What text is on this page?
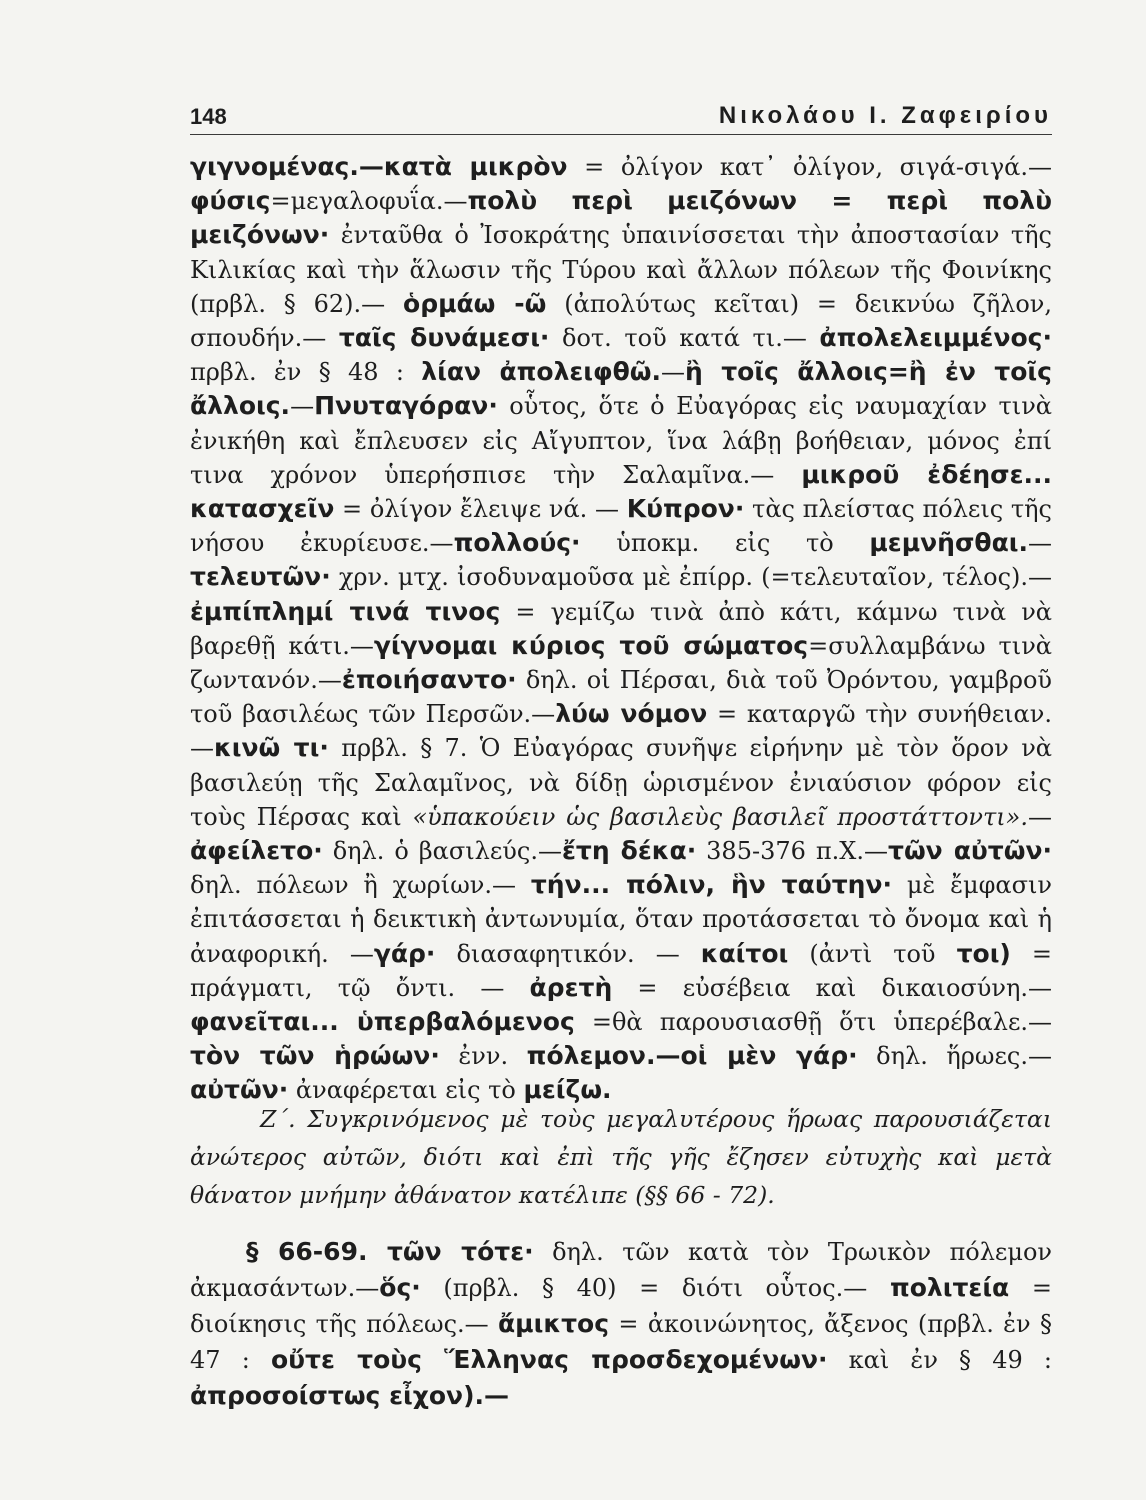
148	Νικολάου Ι. Ζαφειρίου

γιγνομένας.—κατὰ μικρὸν = ὀλίγον κατ᾿ ὀλίγον, σιγά-σιγά.—φύσις=μεγαλοφυΐα.—πολὺ περὶ μειζόνων = περὶ πολὺ μειζόνων· ἐνταῦθα ὁ Ἰσοκράτης ὑπαινίσσεται τὴν ἀποστασίαν τῆς Κιλικίας καὶ τὴν ἅλωσιν τῆς Τύρου καὶ ἄλλων πόλεων τῆς Φοινίκης (πρβλ. § 62).— ὁρμάω -ῶ (ἀπολύτως κεῖται) = δεικνύω ζῆλον, σπουδήν.— ταῖς δυνάμεσι· δοτ. τοῦ κατά τι.— ἀπολελειμμένος· πρβλ. ἐν § 48 : λίαν ἀπολειφθῶ.—ἢ τοῖς ἄλλοις=ἢ ἐν τοῖς ἄλλοις.—Πνυταγόραν· οὗτος, ὅτε ὁ Εὐαγόρας εἰς ναυμαχίαν τινὰ ἐνικήθη καὶ ἔπλευσεν εἰς Αἴγυπτον, ἵνα λάβῃ βοήθειαν, μόνος ἐπί τινα χρόνον ὑπερήσπισε τὴν Σαλαμῖνα.— μικροῦ ἐδέησε... κατασχεῖν = ὀλίγον ἔλειψε νά. — Κύπρον· τὰς πλείστας πόλεις τῆς νήσου ἐκυρίευσε.—πολλούς· ὑποκμ. εἰς τὸ μεμνῆσθαι.—τελευτῶν· χρν. μτχ. ἰσοδυναμοῦσα μὲ ἐπίρρ. (=τελευταῖον, τέλος).—ἐμπίπλημί τινά τινος = γεμίζω τινὰ ἀπὸ κάτι, κάμνω τινὰ νὰ βαρεθῇ κάτι.—γίγνομαι κύριος τοῦ σώματος=συλλαμβάνω τινὰ ζωντανόν.—ἐποιήσαντο· δηλ. οἱ Πέρσαι, διὰ τοῦ Ὀρόντου, γαμβροῦ τοῦ βασιλέως τῶν Περσῶν.—λύω νόμον = καταργῶ τὴν συνήθειαν.—κινῶ τι· πρβλ. § 7. Ὁ Εὐαγόρας συνῆψε εἰρήνην μὲ τὸν ὅρον νὰ βασιλεύῃ τῆς Σαλαμῖνος, νὰ δίδῃ ὡρισμένον ἐνιαύσιον φόρον εἰς τοὺς Πέρσας καὶ «ὑπακούειν ὡς βασιλεὺς βασιλεῖ προστάττοντι».— ἀφείλετο· δηλ. ὁ βασιλεύς.—ἔτη δέκα· 385-376 π.Χ.—τῶν αὐτῶν· δηλ. πόλεων ἢ χωρίων.— τήν... πόλιν, ἣν ταύτην· μὲ ἔμφασιν ἐπιτάσσεται ἡ δεικτικὴ ἀντωνυμία, ὅταν προτάσσεται τὸ ὄνομα καὶ ἡ ἀναφορική. —γάρ· διασαφητικόν. — καίτοι (ἀντὶ τοῦ τοι) = πράγματι, τῷ ὄντι. — ἀρετὴ = εὐσέβεια καὶ δικαιοσύνη.— φανεῖται... ὑπερβαλόμενος =θὰ παρουσιασθῇ ὅτι ὑπερέβαλε.—τὸν τῶν ἡρώων· ἐνν. πόλεμον.—οἱ μὲν γάρ· δηλ. ἥρωες.—αὐτῶν· ἀναφέρεται εἰς τὸ μείζω.

Ζ΄. Συγκρινόμενος μὲ τοὺς μεγαλυτέρους ἥρωας παρουσιάζεται ἀνώτερος αὐτῶν, διότι καὶ ἐπὶ τῆς γῆς ἔζησεν εὐτυχὴς καὶ μετὰ θάνατον μνήμην ἀθάνατον κατέλιπε (§§ 66 - 72).

§ 66-69. τῶν τότε· δηλ. τῶν κατὰ τὸν Τρωικὸν πόλεμον ἀκμασάντων.—ὅς· (πρβλ. § 40) = διότι οὗτος.— πολιτεία = διοίκησις τῆς πόλεως.— ἄμικτος = ἀκοινώνητος, ἄξενος (πρβλ. ἐν § 47 : οὔτε τοὺς Ἕλληνας προσδεχομένων· καὶ ἐν § 49 : ἀπροσοίστως εἶχον).—
